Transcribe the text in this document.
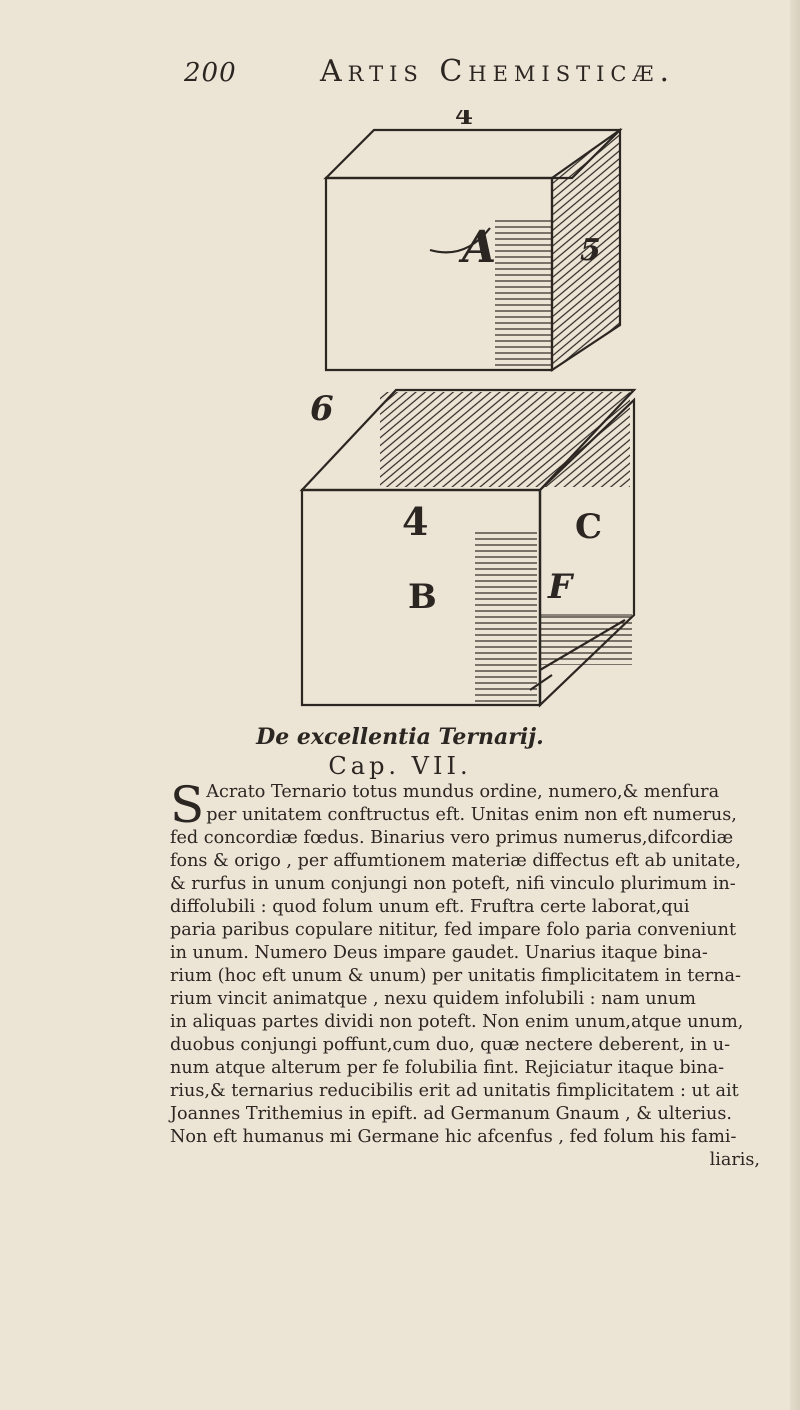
200	Artis Chemisticæ.
4
A	5
6
4
B
C
F
De excellentia Ternarij.
Cap. VII.
S Acrato Ternario totus mundus ordine, numero,& menfura
per unitatem conftructus eft. Unitas enim non eft numerus,
fed concordiæ fœdus. Binarius vero primus numerus,difcordiæ
fons & origo , per affumtionem materiæ diffectus eft ab unitate,
& rurfus in unum conjungi non poteft, nifi vinculo plurimum in-
diffolubili : quod folum unum eft. Fruftra certe laborat,qui
paria paribus copulare nititur, fed impare folo paria conveniunt
in unum. Numero Deus impare gaudet. Unarius itaque bina-
rium (hoc eft unum & unum) per unitatis fimplicitatem in terna-
rium vincit animatque , nexu quidem infolubili : nam unum
in aliquas partes dividi non poteft. Non enim unum,atque unum,
duobus conjungi poffunt,cum duo, quæ nectere deberent, in u-
num atque alterum per fe folubilia fint. Rejiciatur itaque bina-
rius,& ternarius reducibilis erit ad unitatis fimplicitatem : ut ait
Joannes Trithemius in epift. ad Germanum Gnaum , & ulterius.
Non eft humanus mi Germane hic afcenfus , fed folum his fami-
liaris,
